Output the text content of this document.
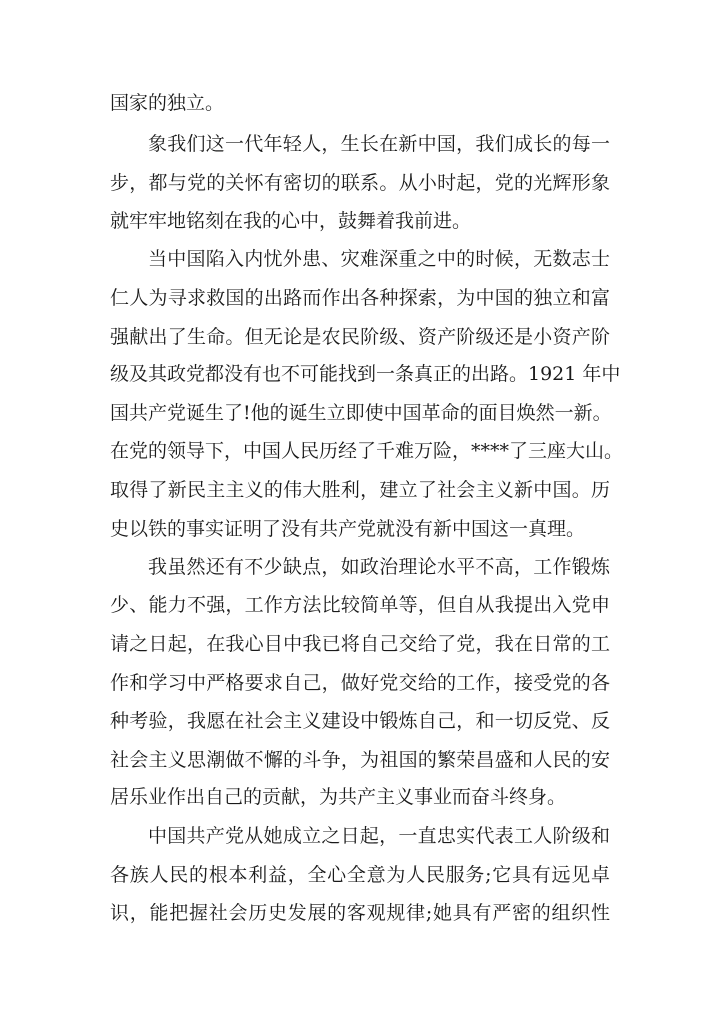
国家的独立。
象我们这一代年轻人，生长在新中国，我们成长的每一
步，都与党的关怀有密切的联系。从小时起，党的光辉形象
就牢牢地铭刻在我的心中，鼓舞着我前进。
当中国陷入内忧外患、灾难深重之中的时候，无数志士
仁人为寻求救国的出路而作出各种探索，为中国的独立和富
强献出了生命。但无论是农民阶级、资产阶级还是小资产阶
级及其政党都没有也不可能找到一条真正的出路。1921 年中
国共产党诞生了!他的诞生立即使中国革命的面目焕然一新。
在党的领导下，中国人民历经了千难万险，****了三座大山。
取得了新民主主义的伟大胜利，建立了社会主义新中国。历
史以铁的事实证明了没有共产党就没有新中国这一真理。
我虽然还有不少缺点，如政治理论水平不高，工作锻炼
少、能力不强，工作方法比较简单等，但自从我提出入党申
请之日起，在我心目中我已将自己交给了党，我在日常的工
作和学习中严格要求自己，做好党交给的工作，接受党的各
种考验，我愿在社会主义建设中锻炼自己，和一切反党、反
社会主义思潮做不懈的斗争，为祖国的繁荣昌盛和人民的安
居乐业作出自己的贡献，为共产主义事业而奋斗终身。
中国共产党从她成立之日起，一直忠实代表工人阶级和
各族人民的根本利益，全心全意为人民服务;它具有远见卓
识，能把握社会历史发展的客观规律;她具有严密的组织性
